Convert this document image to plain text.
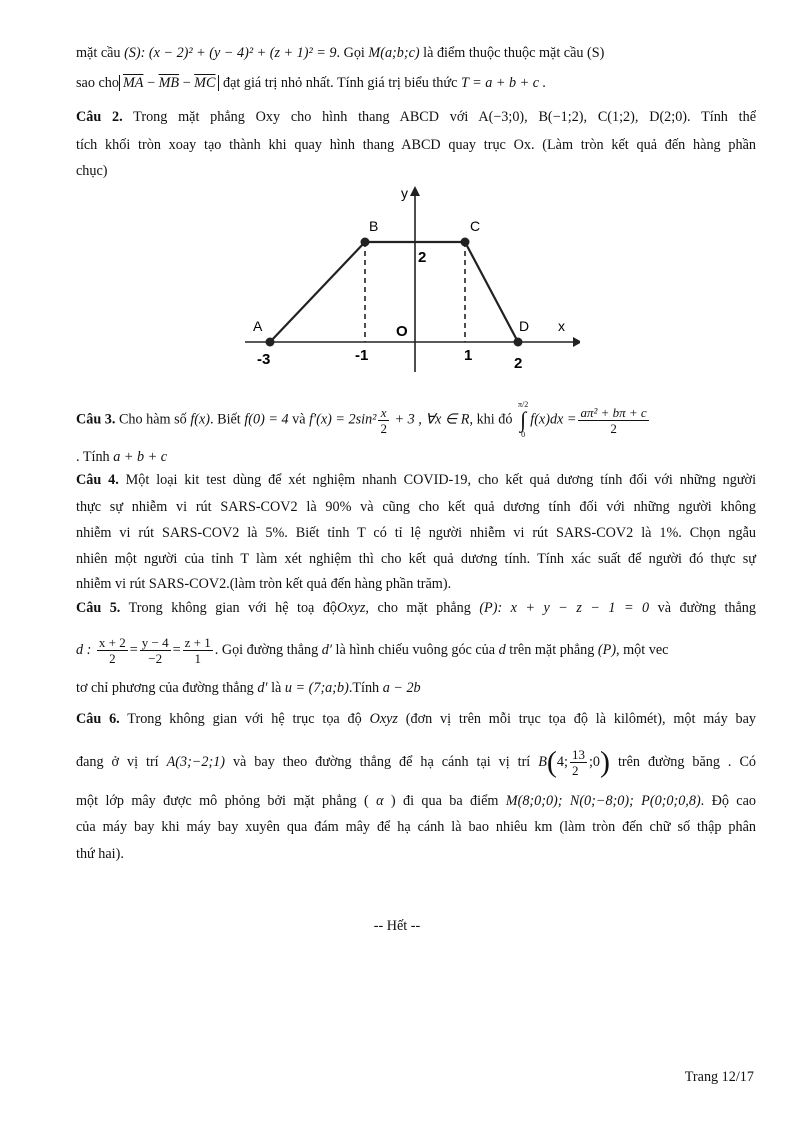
mặt cầu (S): (x − 2)² + (y − 4)² + (z + 1)² = 9. Gọi M(a;b;c) là điểm thuộc thuộc mặt cầu (S)
sao cho $\overline{MA} - \overline{MB} - \overline{MC}$ đạt giá trị nhỏ nhất. Tính giá trị biểu thức T = a + b + c .
Câu 2. Trong mặt phẳng Oxy cho hình thang ABCD với A(−3;0), B(−1;2), C(1;2), D(2;0). Tính thể
tích khối tròn xoay tạo thành khi quay hình thang ABCD quay trục Ox. (Làm tròn kết quả đến hàng phần
chục)
y
x
A
B	C
D
O
2
-3	-1	1	2
Câu 3. Cho hàm số f(x). Biết f(0) = 4 và $f'(x) = 2\sin^2 \frac{x}{2} + 3$ , ∀x ∈ R, khi đó
π/2
∫
0
$f(x)dx = \frac{\text{aπ² + bπ + c}}{2}$
. Tính a + b + c
Câu 4. Một loại kit test dùng để xét nghiệm nhanh COVID-19, cho kết quả dương tính đối với những người
thực sự nhiễm vi rút SARS-COV2 là 90% và cũng cho kết quả dương tính đối với những người không
nhiễm vi rút SARS-COV2 là 5%. Biết tỉnh T có tỉ lệ người nhiễm vi rút SARS-COV2 là 1%. Chọn ngẫu
nhiên một người của tỉnh T làm xét nghiệm thì cho kết quả dương tính. Tính xác suất để người đó thực sự
nhiễm vi rút SARS-COV2.(làm tròn kết quả đến hàng phần trăm).
Câu 5. Trong không gian với hệ toạ độOxyz, cho mặt phẳng (P): x + y − z − 1 = 0 và đường thẳng
d : $\frac{x + 2}{2} = \frac{y - 4}{-2} = \frac{z + 1}{1}$ . Gọi đường thẳng d′ là hình chiếu vuông góc của d trên mặt phẳng (P), một vec
tơ chỉ phương của đường thẳng d′ là u = (7;a;b).Tính a − 2b
Câu 6. Trong không gian với hệ trục tọa độ Oxyz (đơn vị trên mỗi trục tọa độ là kilômét), một máy bay
đang ở vị trí A(3;−2;1) và bay theo đường thẳng để hạ cánh tại vị trí B(4; $\frac{13}{2}$ ;0) trên đường băng . Có
một lớp mây được mô phỏng bởi mặt phẳng ( α ) đi qua ba điểm M(8;0;0); N(0;−8;0); P(0;0;0,8). Độ cao
của máy bay khi máy bay xuyên qua đám mây để hạ cánh là bao nhiêu km (làm tròn đến chữ số thập phân
thứ hai).
-- Hết --
Trang 12/17
